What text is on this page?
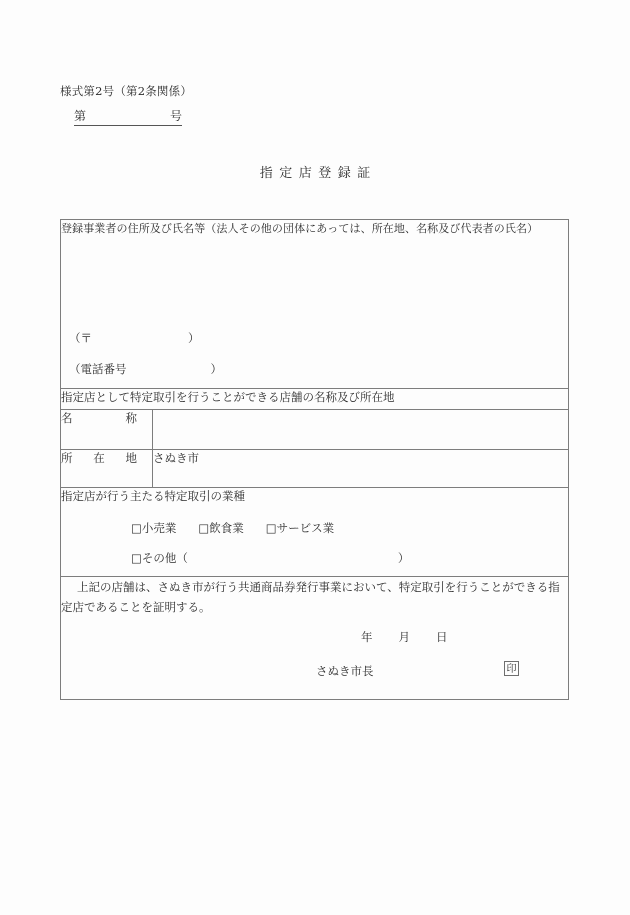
様式第2号（第2条関係）
第	号
指定店登録証
登録事業者の住所及び氏名等（法人その他の団体にあっては、所在地、名称及び代表者の氏名）
（〒 ）
（電話番号 ）	

指定店として特定取引を行うことができる店舗の名称及び所在地	

名 称	

所 在 地	さぬき市

指定店が行う主たる特定取引の業種
□小売業 □飲食業 □サービス業
□その他（ ）	

上記の店舗は、さぬき市が行う共通商品券発行事業において、特定取引を行うことができる指定店であることを証明する。
年 月 日
さぬき市長 印	
